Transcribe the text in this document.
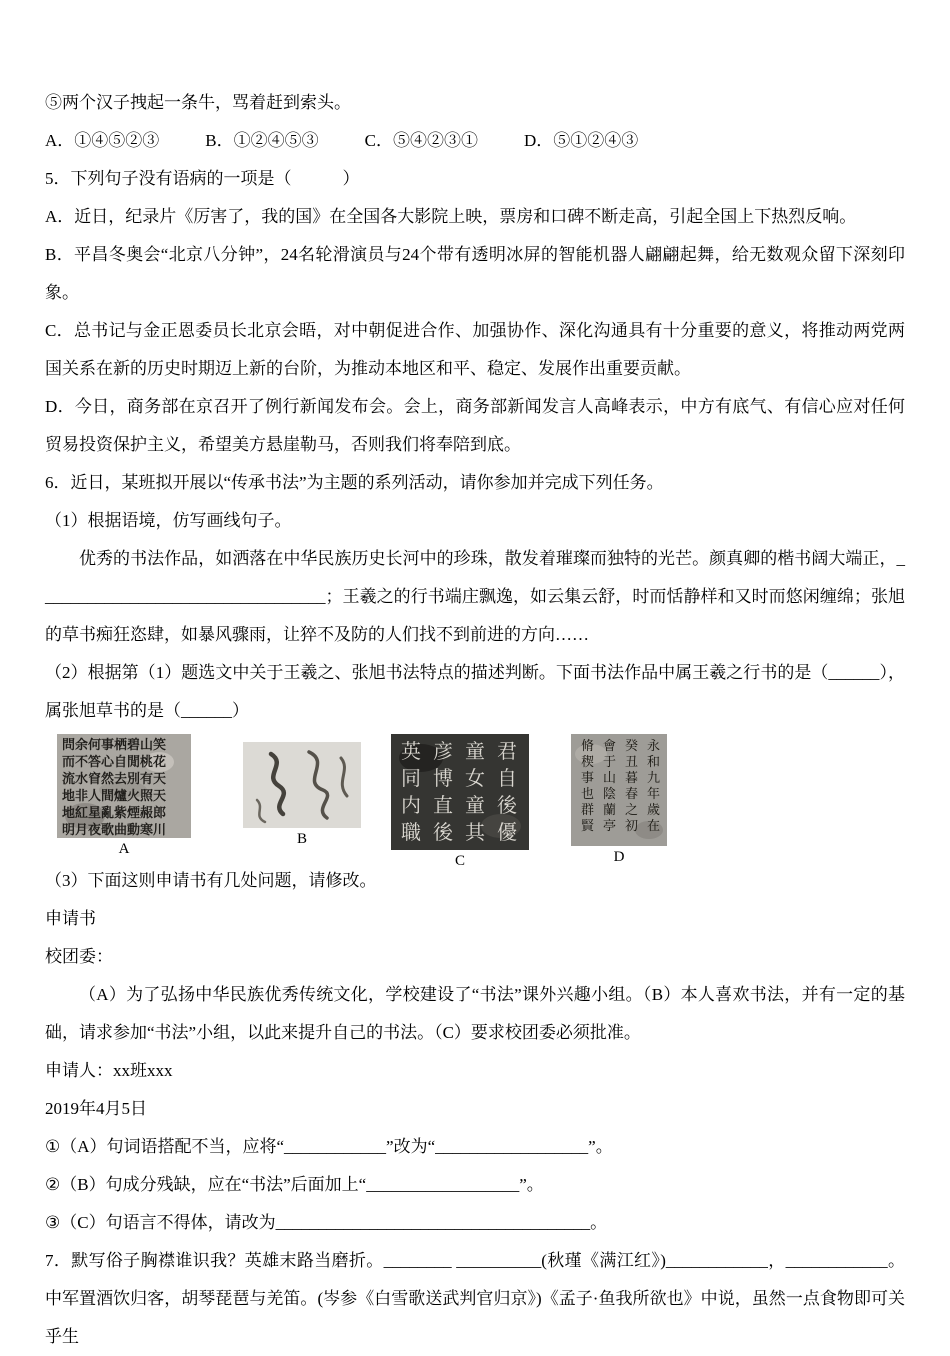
⑤两个汉子拽起一条牛，骂着赶到索头。
A．①④⑤②③	B．①②④⑤③	C．⑤④②③①	D．⑤①②④③
5．下列句子没有语病的一项是（　　　）
A．近日，纪录片《厉害了，我的国》在全国各大影院上映，票房和口碑不断走高，引起全国上下热烈反响。
B．平昌冬奥会“北京八分钟”，24名轮滑演员与24个带有透明冰屏的智能机器人翩翩起舞，给无数观众留下深刻印象。
C．总书记与金正恩委员长北京会晤，对中朝促进合作、加强协作、深化沟通具有十分重要的意义，将推动两党两国关系在新的历史时期迈上新的台阶，为推动本地区和平、稳定、发展作出重要贡献。
D．今日，商务部在京召开了例行新闻发布会。会上，商务部新闻发言人高峰表示，中方有底气、有信心应对任何贸易投资保护主义，希望美方悬崖勒马，否则我们将奉陪到底。
6．近日，某班拟开展以“传承书法”为主题的系列活动，请你参加并完成下列任务。
（1）根据语境，仿写画线句子。
优秀的书法作品，如洒落在中华民族历史长河中的珍珠，散发着璀璨而独特的光芒。颜真卿的楷书阔大端正，__________________________________；王羲之的行书端庄飘逸，如云集云舒，时而恬静样和又时而悠闲缠绵；张旭的草书痴狂恣肆，如暴风骤雨，让猝不及防的人们找不到前进的方向……
（2）根据第（1）题选文中关于王羲之、张旭书法特点的描述判断。下面书法作品中属王羲之行书的是（______），属张旭草书的是（______）
問余何事栖碧山笑
而不答心自閒桃花
流水窅然去別有天
地非人間爐火照天
地紅星亂紫煙赧郎
明月夜歌曲動寒川
A
B
君自後優
童女童其
彦博直後
英同内職
C
永和九年歲在
癸丑暮春之初
會于山陰蘭亭
脩稧事也群賢
D
（3）下面这则申请书有几处问题，请修改。
申请书
校团委：
（A）为了弘扬中华民族优秀传统文化，学校建设了“书法”课外兴趣小组。（B）本人喜欢书法，并有一定的基础，请求参加“书法”小组，以此来提升自己的书法。（C）要求校团委必须批准。
申请人：xx班xxx
2019年4月5日
①（A）句词语搭配不当，应将“____________”改为“__________________”。
②（B）句成分残缺，应在“书法”后面加上“__________________”。
③（C）句语言不得体，请改为_____________________________________。
7．默写俗子胸襟谁识我？英雄末路当磨折。________ __________(秋瑾《满江红》)____________，____________。中军置酒饮归客，胡琴琵琶与羌笛。(岑参《白雪歌送武判官归京》)《孟子·鱼我所欲也》中说，虽然一点食物即可关乎生
